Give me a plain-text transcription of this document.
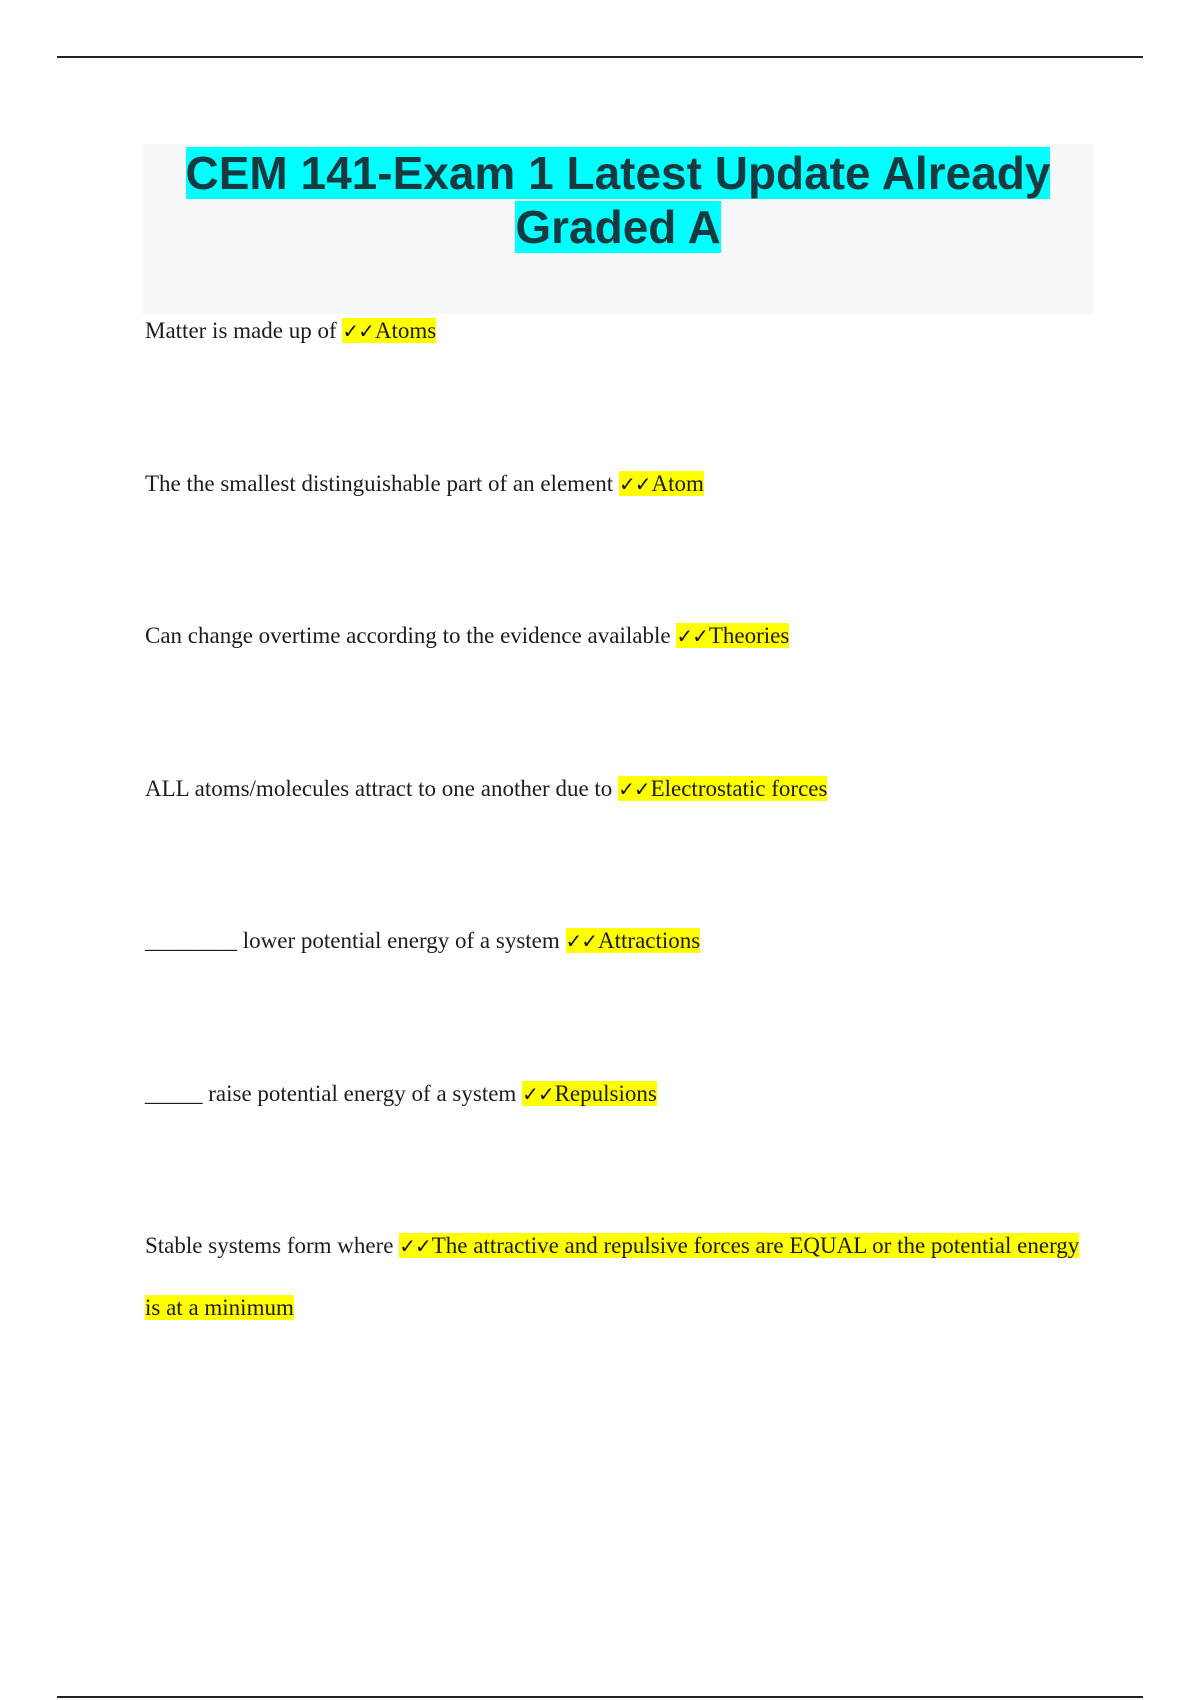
CEM 141-Exam 1 Latest Update Already Graded A

Matter is made up of ✓✓Atoms

The the smallest distinguishable part of an element ✓✓Atom

Can change overtime according to the evidence available ✓✓Theories

ALL atoms/molecules attract to one another due to ✓✓Electrostatic forces

________ lower potential energy of a system ✓✓Attractions

_____ raise potential energy of a system ✓✓Repulsions

Stable systems form where ✓✓The attractive and repulsive forces are EQUAL or the potential energy is at a minimum
